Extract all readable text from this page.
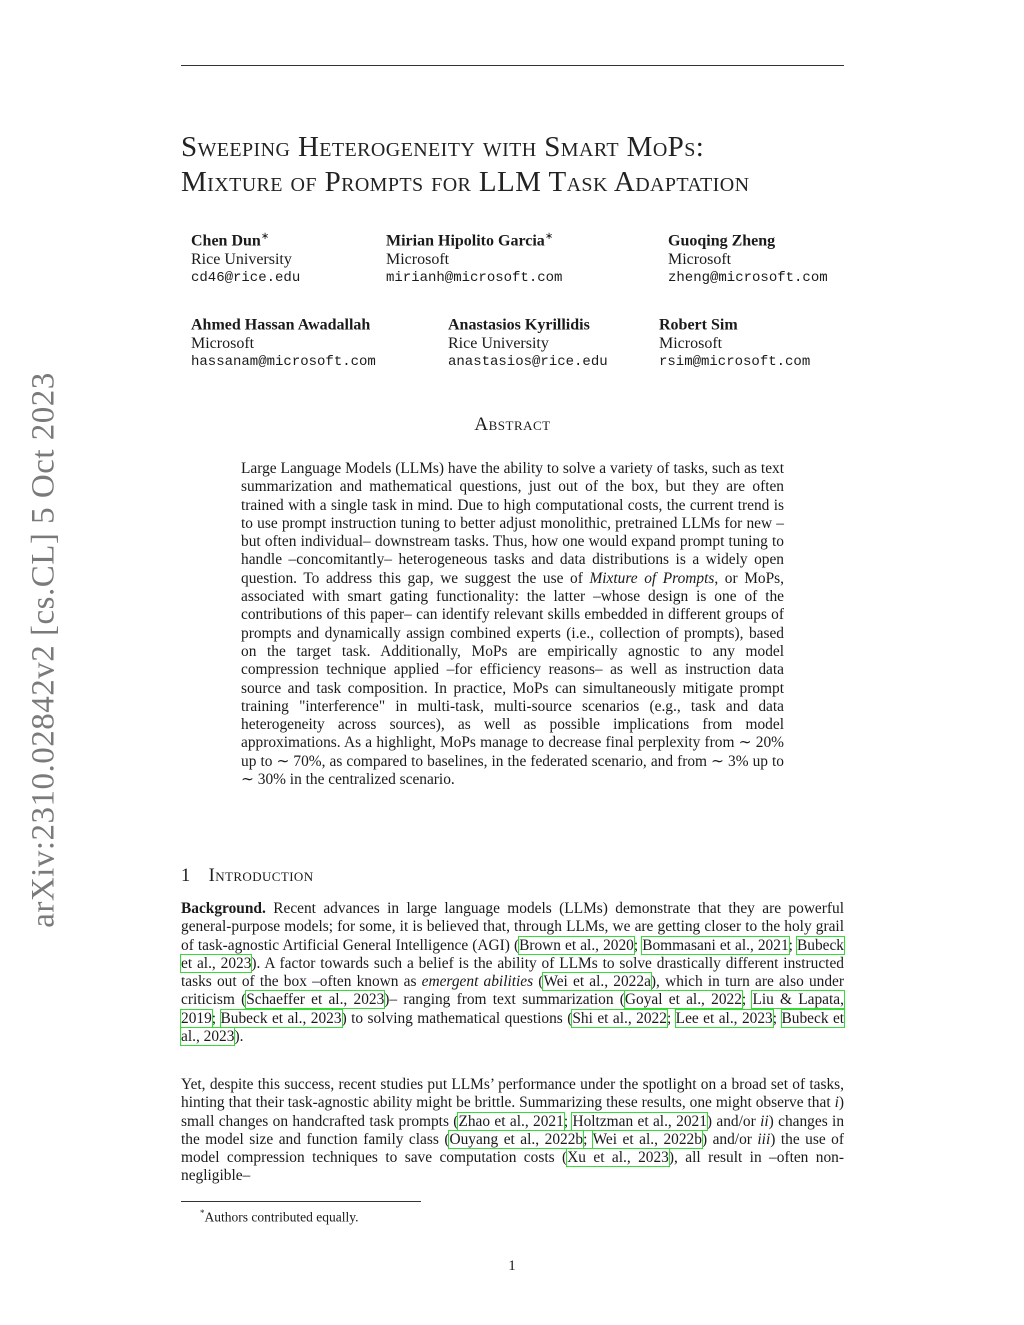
arXiv:2310.02842v2 [cs.CL] 5 Oct 2023
Sweeping Heterogeneity with Smart MoPs:
Mixture of Prompts for LLM Task Adaptation
Chen Dun∗
Rice University
cd46@rice.edu
Mirian Hipolito Garcia∗
Microsoft
mirianh@microsoft.com
Guoqing Zheng
Microsoft
zheng@microsoft.com
Ahmed Hassan Awadallah
Microsoft
hassanam@microsoft.com
Anastasios Kyrillidis
Rice University
anastasios@rice.edu
Robert Sim
Microsoft
rsim@microsoft.com
Abstract
Large Language Models (LLMs) have the ability to solve a variety of tasks, such as text summarization and mathematical questions, just out of the box, but they are often trained with a single task in mind. Due to high computational costs, the current trend is to use prompt instruction tuning to better adjust monolithic, pretrained LLMs for new –but often individual– downstream tasks. Thus, how one would expand prompt tuning to handle –concomitantly– heterogeneous tasks and data distributions is a widely open question. To address this gap, we suggest the use of Mixture of Prompts, or MoPs, associated with smart gating functionality: the latter –whose design is one of the contributions of this paper– can identify relevant skills embedded in different groups of prompts and dynamically assign combined experts (i.e., collection of prompts), based on the target task. Additionally, MoPs are empirically agnostic to any model compression technique applied –for efficiency reasons– as well as instruction data source and task composition. In practice, MoPs can simultaneously mitigate prompt training "interference" in multi-task, multi-source scenarios (e.g., task and data heterogeneity across sources), as well as possible implications from model approximations. As a highlight, MoPs manage to decrease final perplexity from ∼ 20% up to ∼ 70%, as compared to baselines, in the federated scenario, and from ∼ 3% up to ∼ 30% in the centralized scenario.
1 Introduction
Background. Recent advances in large language models (LLMs) demonstrate that they are powerful general-purpose models; for some, it is believed that, through LLMs, we are getting closer to the holy grail of task-agnostic Artificial General Intelligence (AGI) (Brown et al., 2020; Bommasani et al., 2021; Bubeck et al., 2023). A factor towards such a belief is the ability of LLMs to solve drastically different instructed tasks out of the box –often known as emergent abilities (Wei et al., 2022a), which in turn are also under criticism (Schaeffer et al., 2023)– ranging from text summarization (Goyal et al., 2022; Liu & Lapata, 2019; Bubeck et al., 2023) to solving mathematical questions (Shi et al., 2022; Lee et al., 2023; Bubeck et al., 2023).
Yet, despite this success, recent studies put LLMs’ performance under the spotlight on a broad set of tasks, hinting that their task-agnostic ability might be brittle. Summarizing these results, one might observe that i) small changes on handcrafted task prompts (Zhao et al., 2021; Holtzman et al., 2021) and/or ii) changes in the model size and function family class (Ouyang et al., 2022b; Wei et al., 2022b) and/or iii) the use of model compression techniques to save computation costs (Xu et al., 2023), all result in –often non-negligible–
*Authors contributed equally.
1
